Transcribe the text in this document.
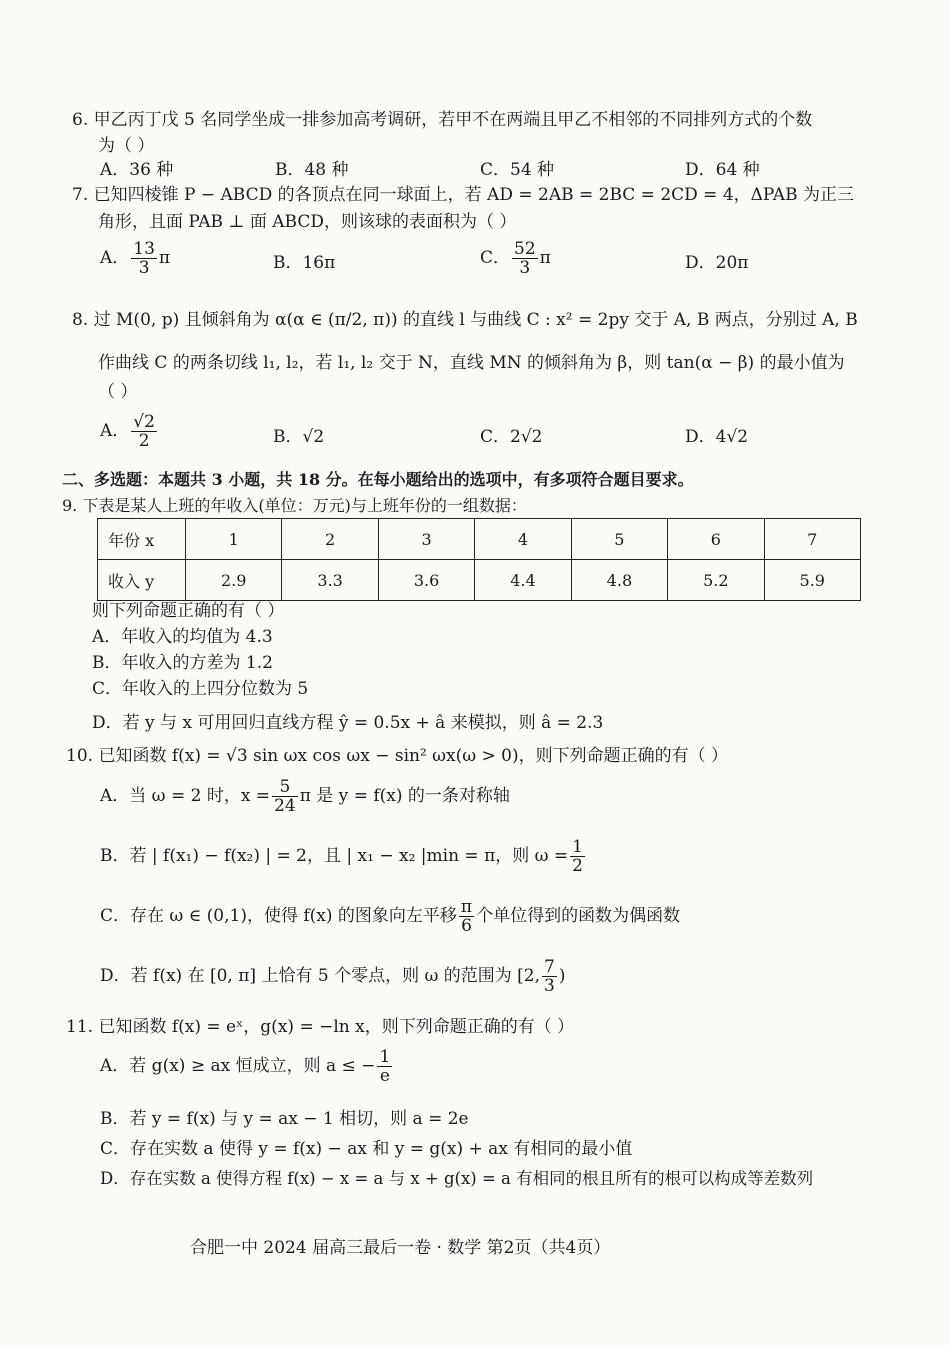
6. 甲乙丙丁戊 5 名同学坐成一排参加高考调研，若甲不在两端且甲乙不相邻的不同排列方式的个数
为（ ）
A．36 种	B．48 种	C．54 种	D．64 种
7. 已知四棱锥 P − ABCD 的各顶点在同一球面上，若 AD = 2AB = 2BC = 2CD = 4，ΔPAB 为正三
角形，且面 PAB ⊥ 面 ABCD，则该球的表面积为（ ）
A． $\frac{13}{3}$ π	B．16π	C． $\frac{52}{3}$ π	D．20π
8. 过 M(0, p) 且倾斜角为 α(α ∈ (π/2, π)) 的直线 l 与曲线 C : x² = 2py 交于 A, B 两点，分别过 A, B
作曲线 C 的两条切线 l₁, l₂，若 l₁, l₂ 交于 N，直线 MN 的倾斜角为 β，则 tan(α − β) 的最小值为
（ ）
A． $\frac{√2}{2}$	B．√2	C．2√2	D．4√2
二、多选题：本题共 3 小题，共 18 分。在每小题给出的选项中，有多项符合题目要求。
9. 下表是某人上班的年收入(单位：万元)与上班年份的一组数据：
年份 x	1	2	3	4	5	6	7
收入 y	2.9	3.3	3.6	4.4	4.8	5.2	5.9
则下列命题正确的有（ ）
A．年收入的均值为 4.3
B．年收入的方差为 1.2
C．年收入的上四分位数为 5
D．若 y 与 x 可用回归直线方程 ŷ = 0.5x + â 来模拟，则 â = 2.3
10. 已知函数 f(x) = √3 sin ωx cos ωx − sin² ωx(ω > 0)，则下列命题正确的有（ ）
A．当 ω = 2 时，$x = \frac{5}{24}$ π 是 y = f(x) 的一条对称轴
B．若 | f(x₁) − f(x₂) | = 2，且 | x₁ − x₂ |min = π，则 $\omega = \frac{1}{2}$
C．存在 ω ∈ (0,1)，使得 f(x) 的图象向左平移 $\frac{\pi}{6}$ 个单位得到的函数为偶函数
D．若 f(x) 在 [0, π] 上恰有 5 个零点，则 ω 的范围为 [2, $\frac{7}{3}$ )
11. 已知函数 f(x) = eˣ，g(x) = −ln x，则下列命题正确的有（ ）
A．若 g(x) ≥ ax 恒成立，则 a ≤ − $\frac{1}{e}$
B．若 y = f(x) 与 y = ax − 1 相切，则 a = 2e
C．存在实数 a 使得 y = f(x) − ax 和 y = g(x) + ax 有相同的最小值
D．存在实数 a 使得方程 f(x) − x = a 与 x + g(x) = a 有相同的根且所有的根可以构成等差数列
合肥一中 2024 届高三最后一卷 · 数学 第2页（共4页）
